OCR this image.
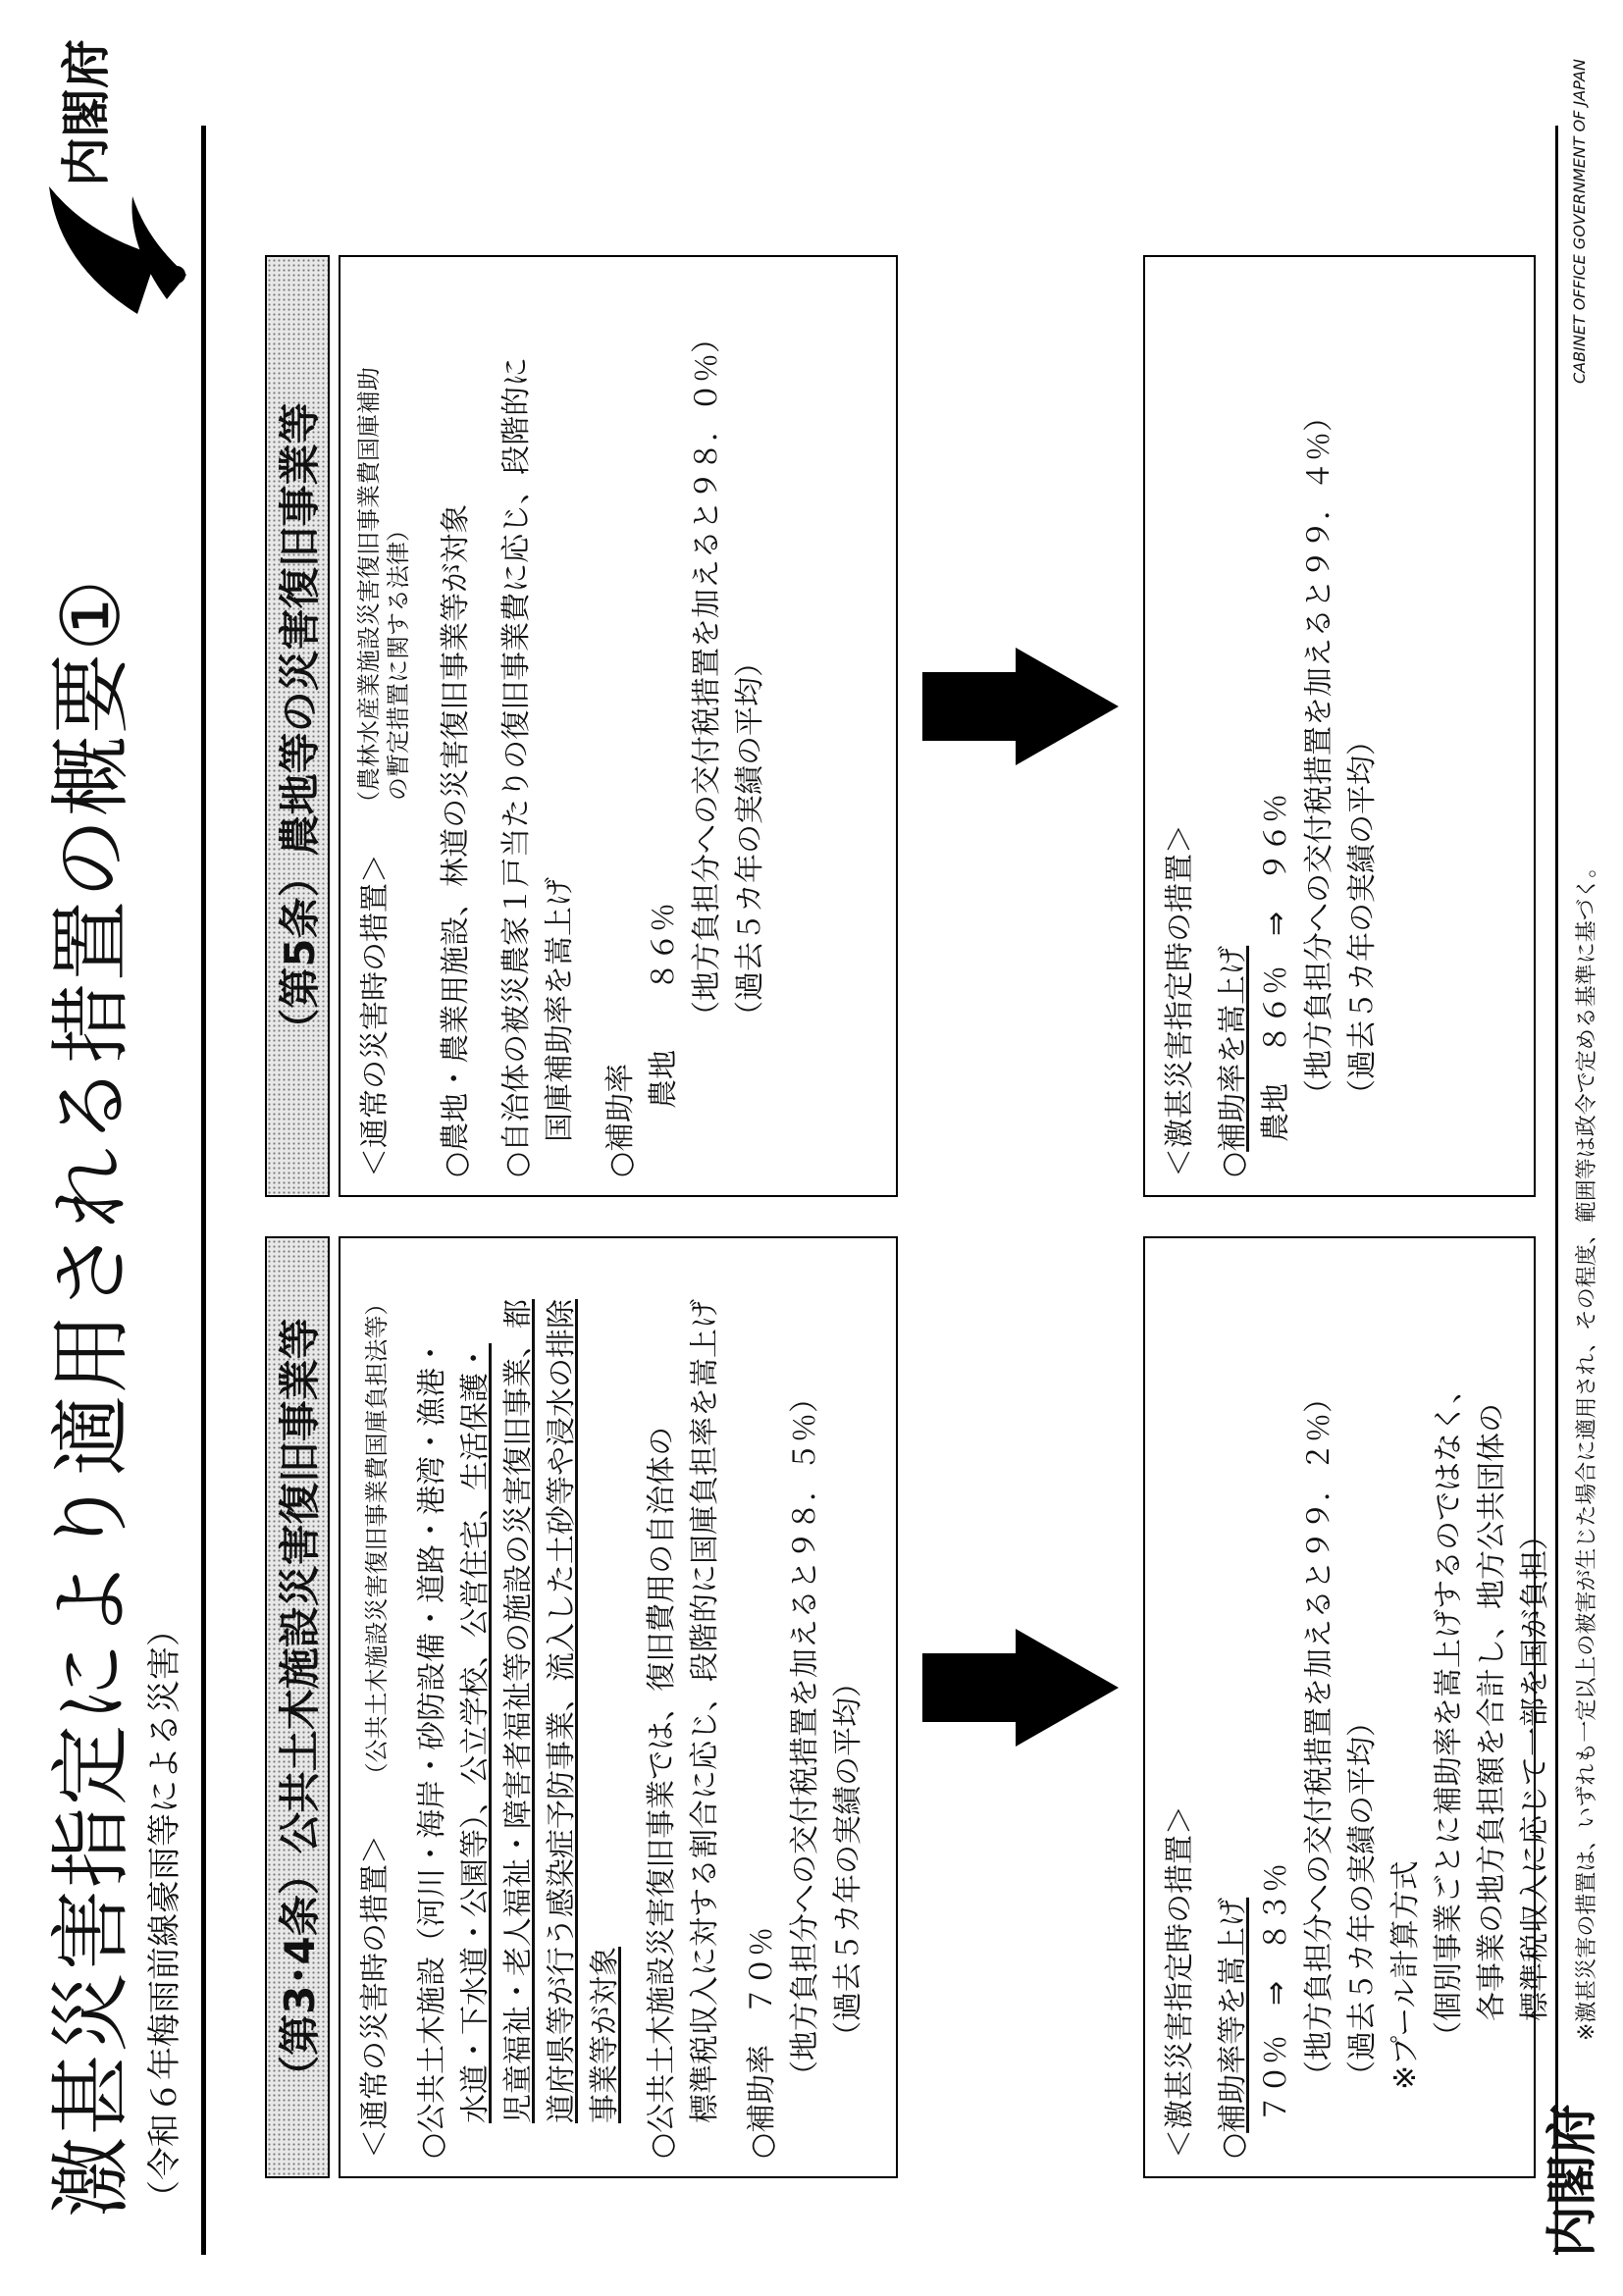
激甚災害指定により適用される措置の概要① （令和６年梅雨前線豪雨等による災害）
内閣府
（第3･4条）公共土木施設災害復旧事業等 ＜通常の災害時の措置＞ （公共土木施設災害復旧事業費国庫負担法等） ○公共土木施設（河川・海岸・砂防設備・道路・港湾・漁港・ 水道・下水道・公園等）、公立学校、公営住宅、生活保護・ 児童福祉・老人福祉・障害者福祉等の施設の災害復旧事業、都 道府県等が行う感染症予防事業、流入した土砂等や浸水の排除 事業等が対象 ○公共土木施設災害復旧事業では、復旧費用の自治体の 標準税収入に対する割合に応じ、段階的に国庫負担率を嵩上げ ○補助率　７０％ （地方負担分への交付税措置を加えると９８．５％） （過去５カ年の実績の平均）	＜激甚災害指定時の措置＞ ○補助率等を嵩上げ ７０％　⇒　８３％ （地方負担分への交付税措置を加えると９９．２％） （過去５カ年の実績の平均） ※プール計算方式 （個別事業ごとに補助率を嵩上げするのではなく、 各事業の地方負担額を合計し、地方公共団体の 標準税収入に応じて一部を国が負担）

（第5条）農地等の災害復旧事業等 ＜通常の災害時の措置＞

（農林水産業施設災害復旧事業費国庫補助 の暫定措置に関する法律） ○農地・農業用施設、林道の災害復旧事業等が対象 ○自治体の被災農家１戸当たりの復旧事業費に応じ、段階的に 国庫補助率を嵩上げ ○補助率

農地　　８６％ （地方負担分への交付税措置を加えると９８．０％） （過去５カ年の実績の平均）	＜激甚災害指定時の措置＞ ○補助率を嵩上げ 農地　８６％　⇒　９６％ （地方負担分への交付税措置を加えると９９．４％） （過去５カ年の実績の平均）

内閣府
※激甚災害の措置は、いずれも一定以上の被害が生じた場合に適用され、その程度、範囲等は政令で定める基準に基づく。
CABINET OFFICE GOVERNMENT OF JAPAN
